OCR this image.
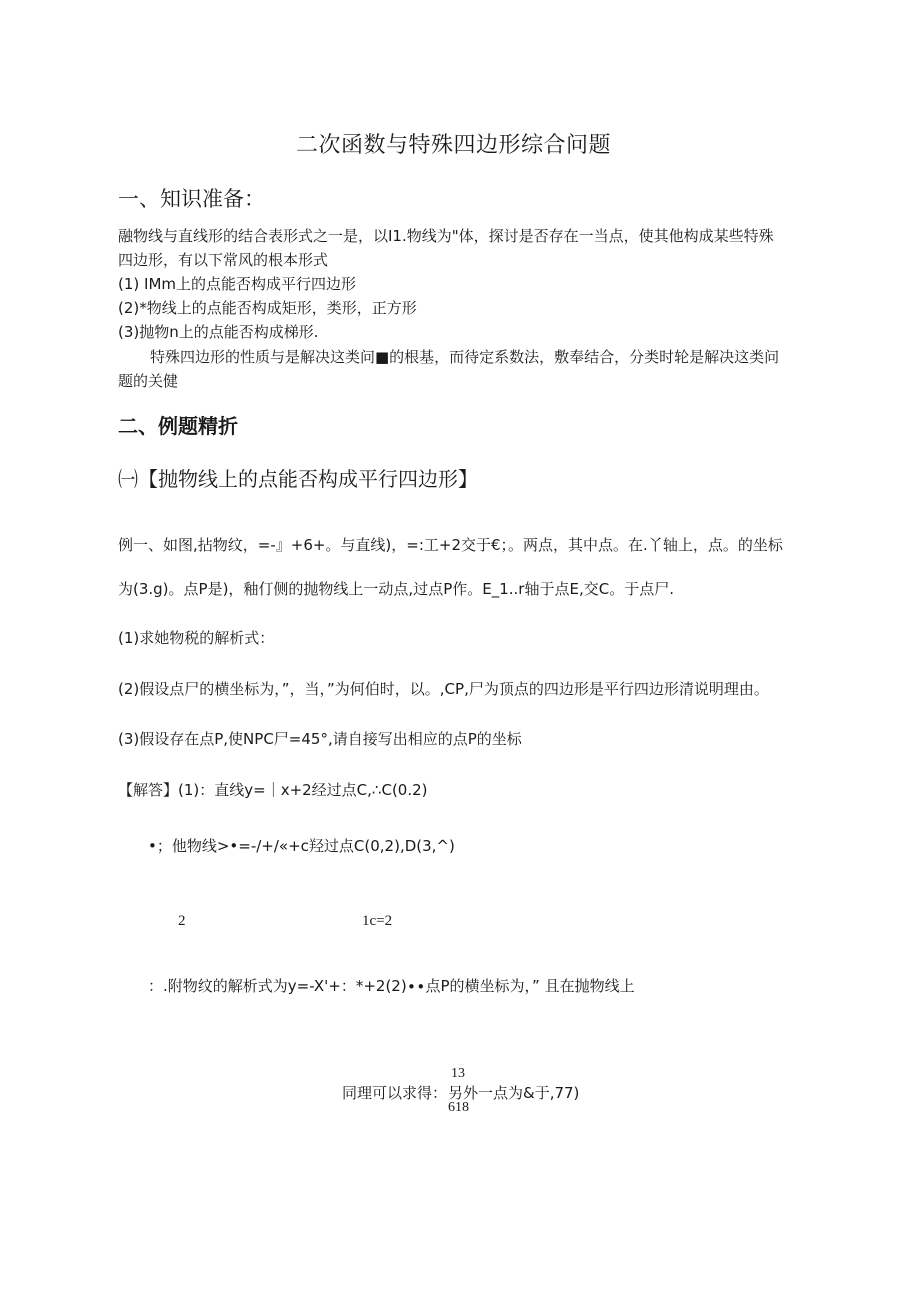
二次函数与特殊四边形综合问题
一、知识准备：
融物线与直线形的结合表形式之一是，以I1.物线为"体，探讨是否存在一当点，使其他构成某些特殊
四边形，有以下常风的根本形式
(1) IMm上的点能否构成平行四边形
(2)*物线上的点能否构成矩形，类形，正方形
(3)抛物n上的点能否构成梯形.
特殊四边形的性质与是解决这类问■的根基，而待定系数法，敷奉结合，分类时轮是解决这类问
题的关健
二、例题精折
㈠【抛物线上的点能否构成平行四边形】
例一、如图,拈物纹，=-』+6+。与直线)，=:工+2交于€；。两点，其中点。在.丫轴上，点。的坐标
为(3.g)。点P是)，釉仃侧的抛物线上一动点,过点P作。E_1..r轴于点E,交C。于点尸.
(1)求她物税的解析式：
(2)假设点尸的横坐标为，”，当，”为何伯时，以。,CP,尸为顶点的四边形是平行四边形清说明理由。
(3)假设存在点P,使NPC尸=45°,请自接写出相应的点P的坐标
【解答】(1)：直线y=｜x+2经过点C,∴C(0.2)
•；他物线>•=-/+/«+c羟过点C(0,2),D(3,^)
2	1c=2
：.附物纹的解析式为y=-X'+：*+2(2)∙∙点P的横坐标为，” 且在抛物线上
13
同理可以求得： 另外一点为&于,77)
618
